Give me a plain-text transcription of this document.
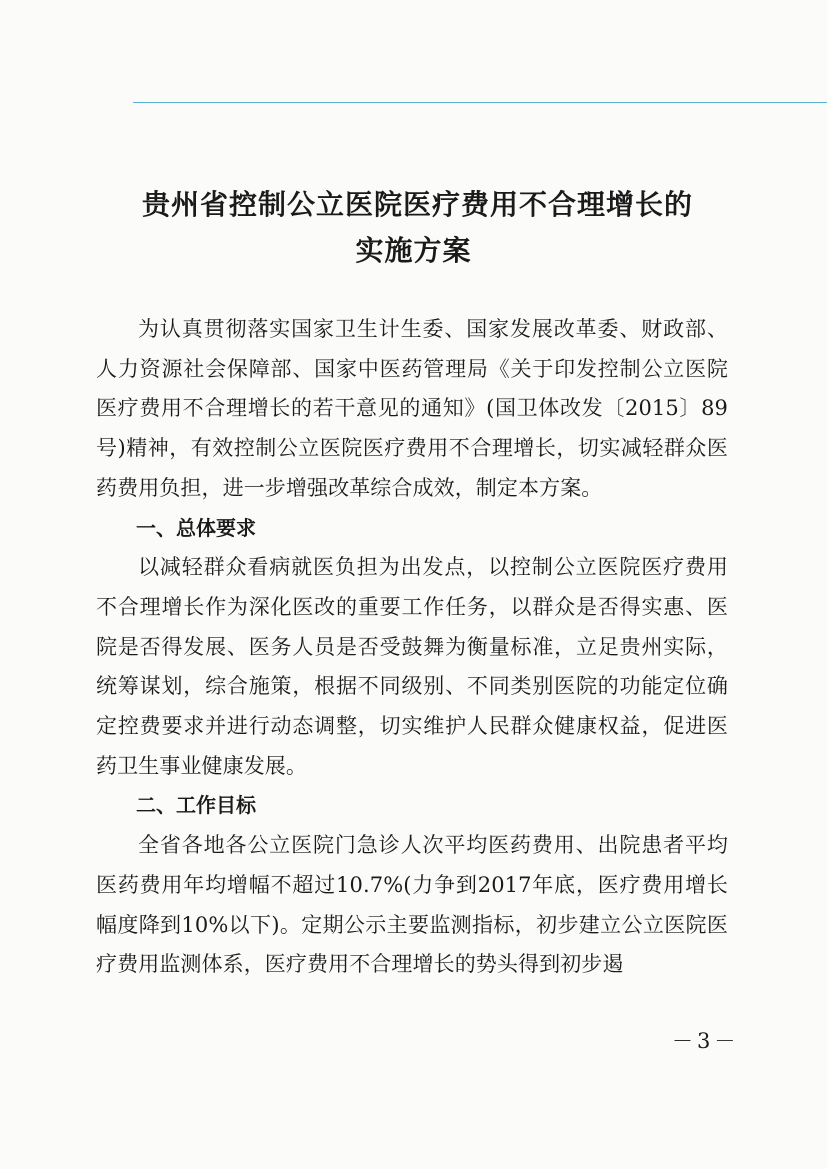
贵州省控制公立医院医疗费用不合理增长的
实施方案

为认真贯彻落实国家卫生计生委、国家发展改革委、财政部、人力资源社会保障部、国家中医药管理局《关于印发控制公立医院医疗费用不合理增长的若干意见的通知》(国卫体改发〔2015〕89号)精神，有效控制公立医院医疗费用不合理增长，切实减轻群众医药费用负担，进一步增强改革综合成效，制定本方案。

一、总体要求

以减轻群众看病就医负担为出发点，以控制公立医院医疗费用不合理增长作为深化医改的重要工作任务，以群众是否得实惠、医院是否得发展、医务人员是否受鼓舞为衡量标准，立足贵州实际，统筹谋划，综合施策，根据不同级别、不同类别医院的功能定位确定控费要求并进行动态调整，切实维护人民群众健康权益，促进医药卫生事业健康发展。

二、工作目标

全省各地各公立医院门急诊人次平均医药费用、出院患者平均医药费用年均增幅不超过10.7%(力争到2017年底，医疗费用增长幅度降到10%以下)。定期公示主要监测指标，初步建立公立医院医疗费用监测体系，医疗费用不合理增长的势头得到初步遏

－3－
